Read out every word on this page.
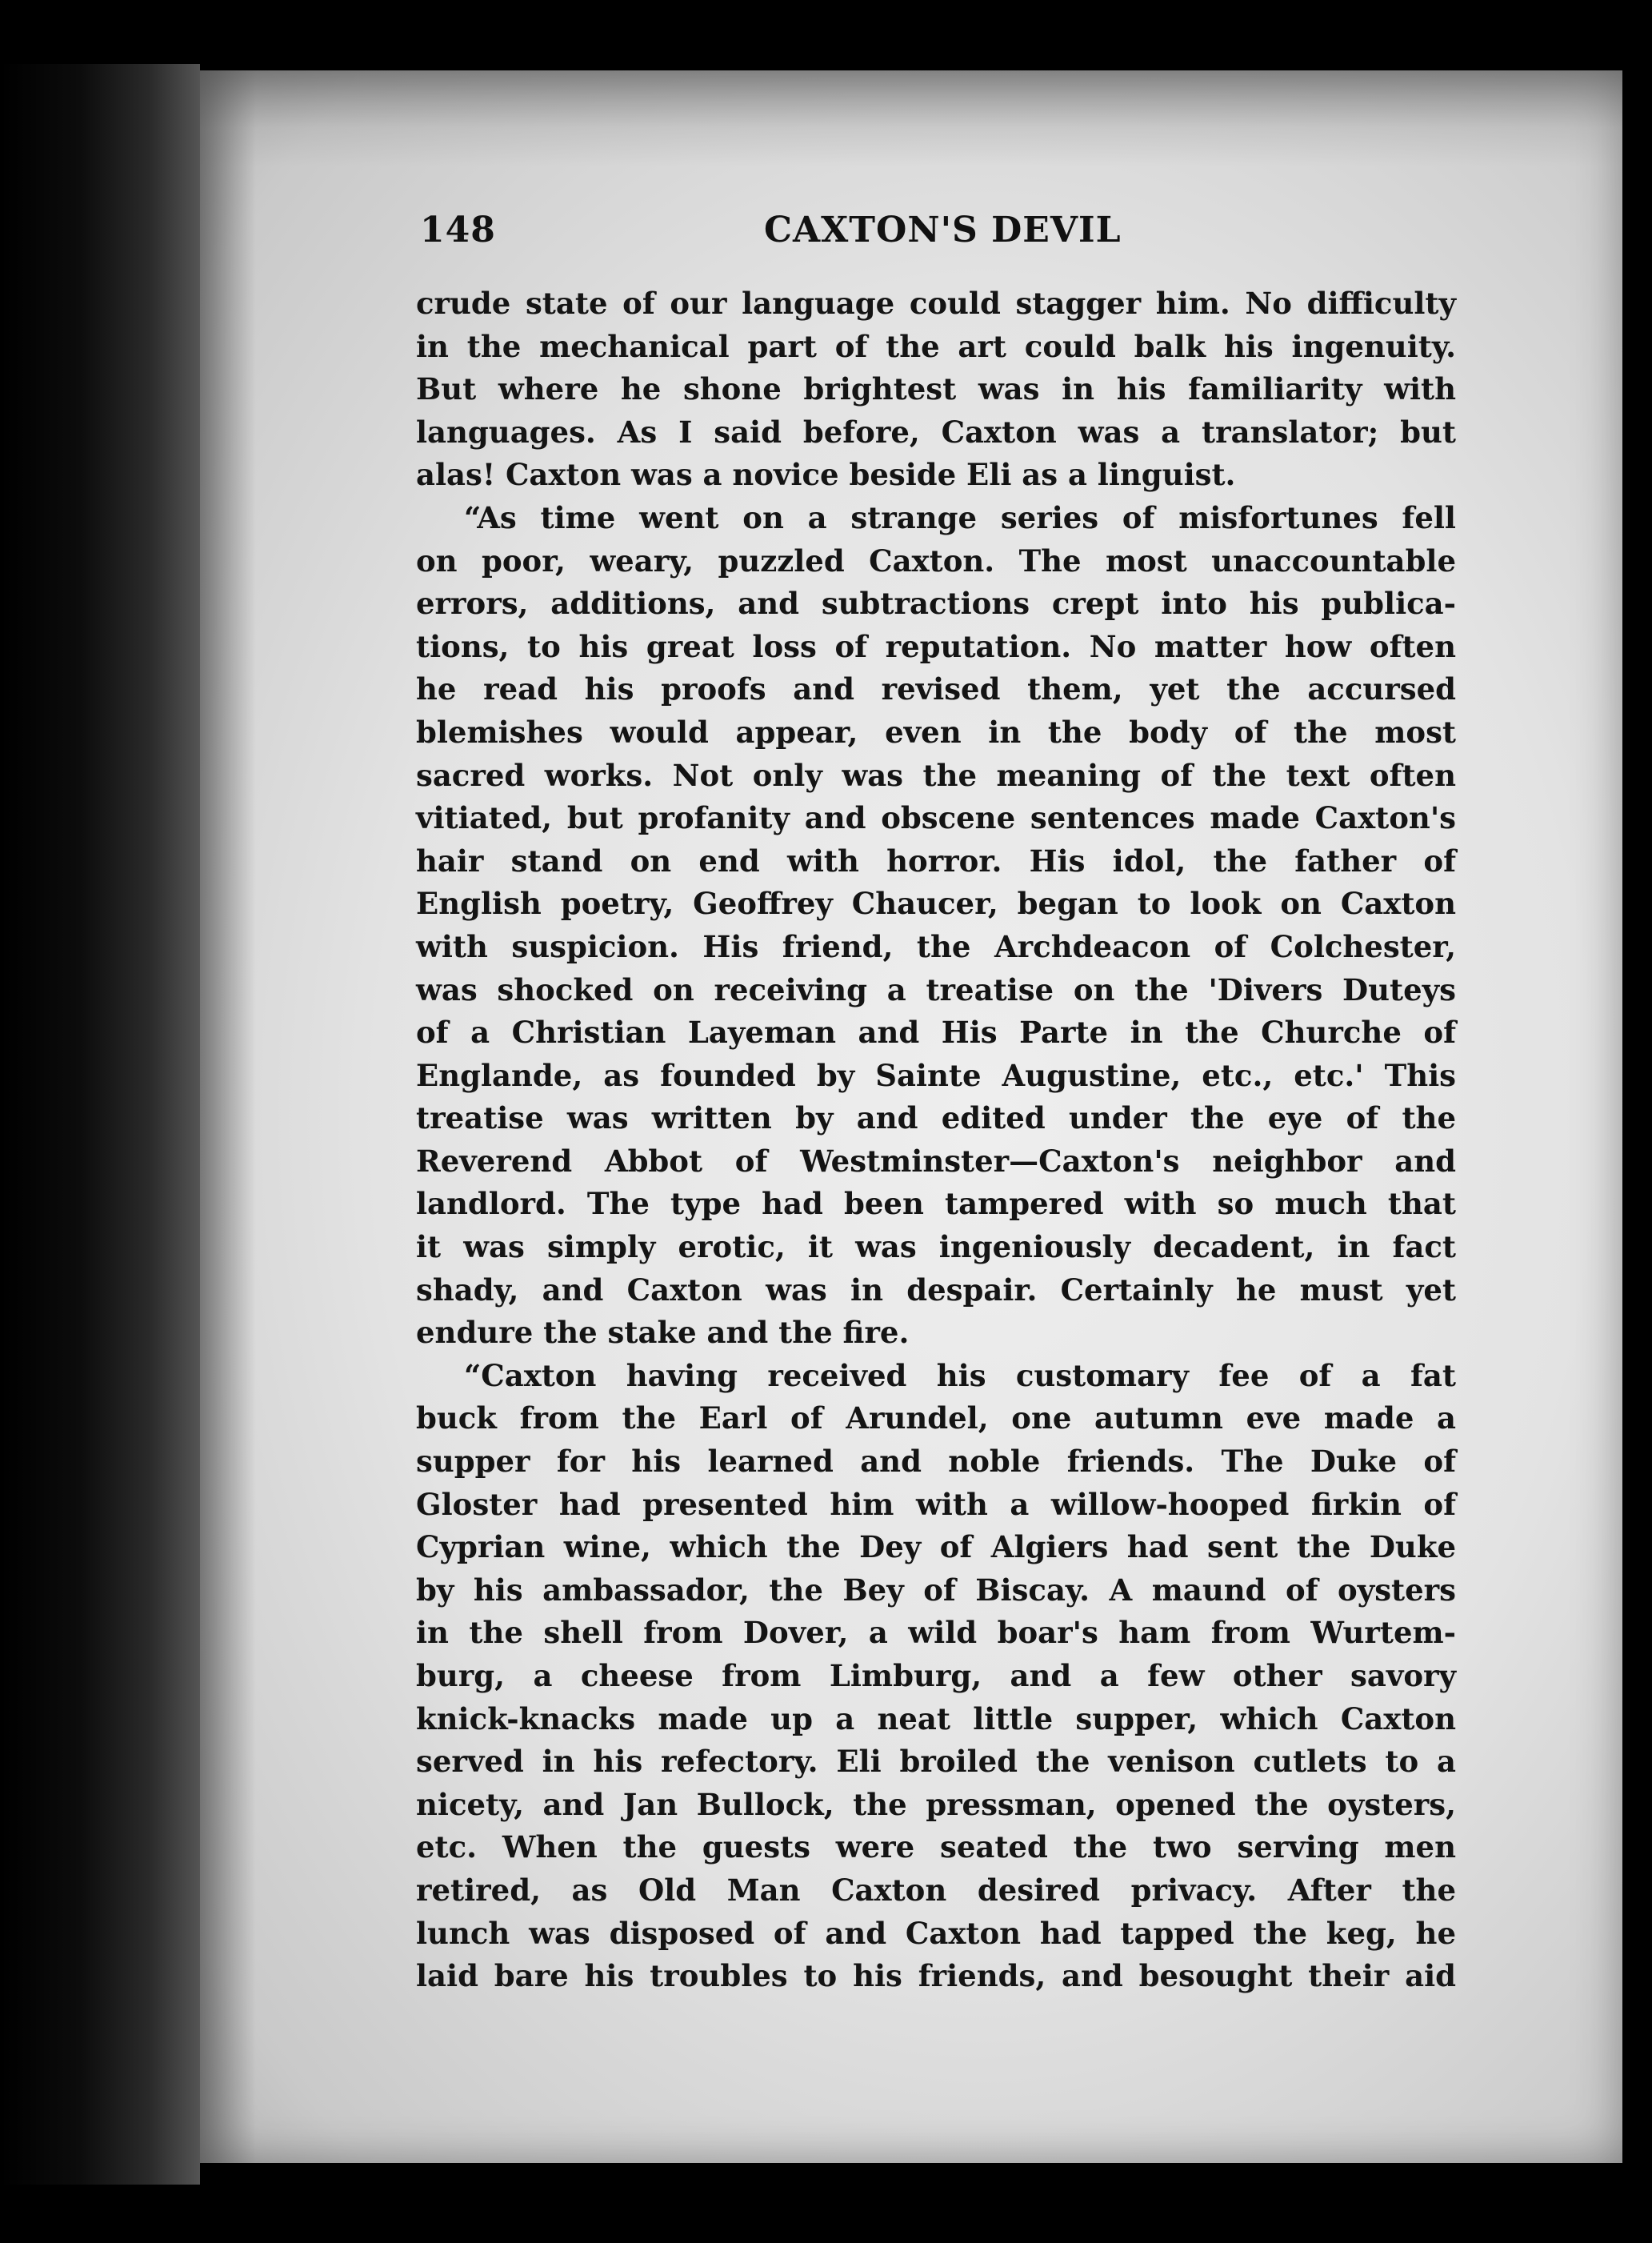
148	CAXTON'S DEVIL
crude state of our language could stagger him. No difficulty
in the mechanical part of the art could balk his ingenuity.
But where he shone brightest was in his familiarity with
languages. As I said before, Caxton was a translator; but
alas! Caxton was a novice beside Eli as a linguist.
“As time went on a strange series of misfortunes fell
on poor, weary, puzzled Caxton. The most unaccountable
errors, additions, and subtractions crept into his publica-
tions, to his great loss of reputation. No matter how often
he read his proofs and revised them, yet the accursed
blemishes would appear, even in the body of the most
sacred works. Not only was the meaning of the text often
vitiated, but profanity and obscene sentences made Caxton's
hair stand on end with horror. His idol, the father of
English poetry, Geoffrey Chaucer, began to look on Caxton
with suspicion. His friend, the Archdeacon of Colchester,
was shocked on receiving a treatise on the 'Divers Duteys
of a Christian Layeman and His Parte in the Churche of
Englande, as founded by Sainte Augustine, etc., etc.' This
treatise was written by and edited under the eye of the
Reverend Abbot of Westminster—Caxton's neighbor and
landlord. The type had been tampered with so much that
it was simply erotic, it was ingeniously decadent, in fact
shady, and Caxton was in despair. Certainly he must yet
endure the stake and the fire.
“Caxton having received his customary fee of a fat
buck from the Earl of Arundel, one autumn eve made a
supper for his learned and noble friends. The Duke of
Gloster had presented him with a willow-hooped firkin of
Cyprian wine, which the Dey of Algiers had sent the Duke
by his ambassador, the Bey of Biscay. A maund of oysters
in the shell from Dover, a wild boar's ham from Wurtem-
burg, a cheese from Limburg, and a few other savory
knick-knacks made up a neat little supper, which Caxton
served in his refectory. Eli broiled the venison cutlets to a
nicety, and Jan Bullock, the pressman, opened the oysters,
etc. When the guests were seated the two serving men
retired, as Old Man Caxton desired privacy. After the
lunch was disposed of and Caxton had tapped the keg, he
laid bare his troubles to his friends, and besought their aid
